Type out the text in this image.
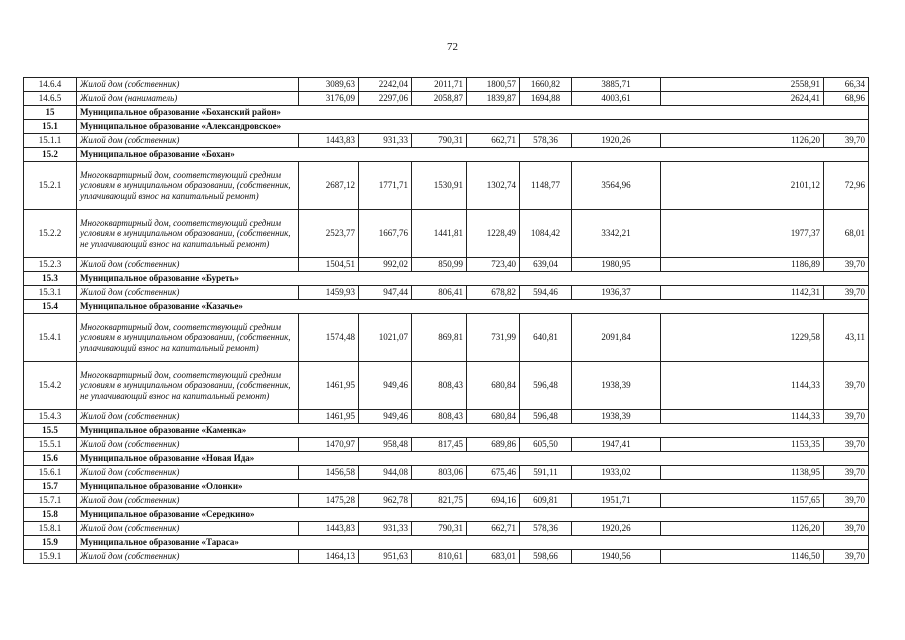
72
14.6.4	Жилой дом (собственник)	3089,63	2242,04	2011,71	1800,57	1660,82	3885,71	2558,91	66,34
14.6.5	Жилой дом (наниматель)	3176,09	2297,06	2058,87	1839,87	1694,88	4003,61	2624,41	68,96
15	Муниципальное образование «Боханский район»								
15.1	Муниципальное образование «Александровское»								
15.1.1	Жилой дом (собственник)	1443,83	931,33	790,31	662,71	578,36	1920,26	1126,20	39,70
15.2	Муниципальное образование «Бохан»								
15.2.1	Многоквартирный дом, соответствующий средним условиям в муниципальном образовании, (собственник, уплачивающий взнос на капитальный ремонт)	2687,12	1771,71	1530,91	1302,74	1148,77	3564,96	2101,12	72,96
15.2.2	Многоквартирный дом, соответствующий средним условиям в муниципальном образовании, (собственник, не уплачивающий взнос на капитальный ремонт)	2523,77	1667,76	1441,81	1228,49	1084,42	3342,21	1977,37	68,01
15.2.3	Жилой дом (собственник)	1504,51	992,02	850,99	723,40	639,04	1980,95	1186,89	39,70
15.3	Муниципальное образование «Буреть»								
15.3.1	Жилой дом (собственник)	1459,93	947,44	806,41	678,82	594,46	1936,37	1142,31	39,70
15.4	Муниципальное образование «Казачье»								
15.4.1	Многоквартирный дом, соответствующий средним условиям в муниципальном образовании, (собственник, уплачивающий взнос на капитальный ремонт)	1574,48	1021,07	869,81	731,99	640,81	2091,84	1229,58	43,11
15.4.2	Многоквартирный дом, соответствующий средним условиям в муниципальном образовании, (собственник, не уплачивающий взнос на капитальный ремонт)	1461,95	949,46	808,43	680,84	596,48	1938,39	1144,33	39,70
15.4.3	Жилой дом (собственник)	1461,95	949,46	808,43	680,84	596,48	1938,39	1144,33	39,70
15.5	Муниципальное образование «Каменка»								
15.5.1	Жилой дом (собственник)	1470,97	958,48	817,45	689,86	605,50	1947,41	1153,35	39,70
15.6	Муниципальное образование «Новая Ида»								
15.6.1	Жилой дом (собственник)	1456,58	944,08	803,06	675,46	591,11	1933,02	1138,95	39,70
15.7	Муниципальное образование «Олонки»								
15.7.1	Жилой дом (собственник)	1475,28	962,78	821,75	694,16	609,81	1951,71	1157,65	39,70
15.8	Муниципальное образование «Середкино»								
15.8.1	Жилой дом (собственник)	1443,83	931,33	790,31	662,71	578,36	1920,26	1126,20	39,70
15.9	Муниципальное образование «Тараса»								
15.9.1	Жилой дом (собственник)	1464,13	951,63	810,61	683,01	598,66	1940,56	1146,50	39,70
